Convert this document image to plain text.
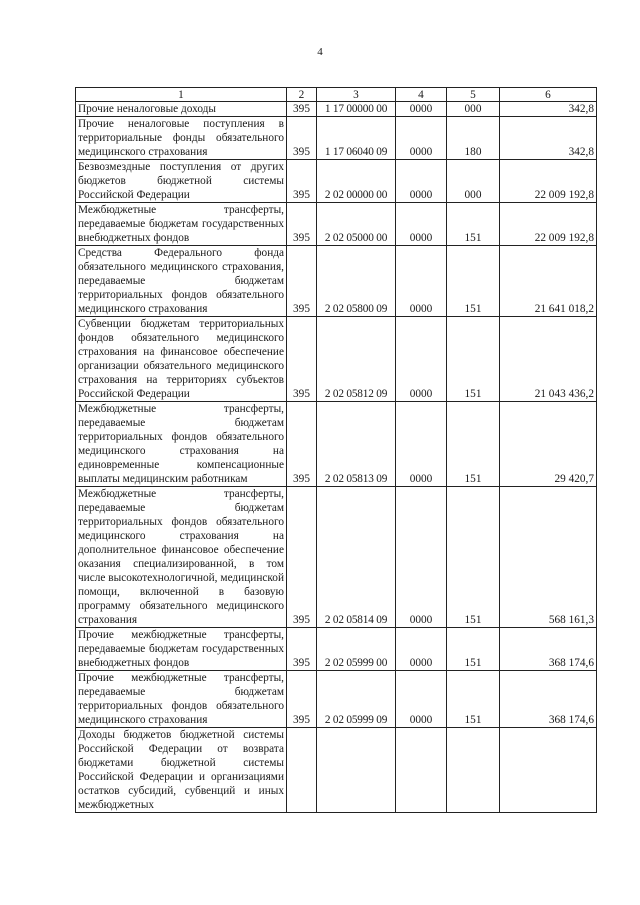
4
1	2	3	4	5	6
Прочие неналоговые доходы	395	1 17 00000 00	0000	000	342,8
Прочие неналоговые поступления в территориальные фонды обязательного медицинского страхования	395	1 17 06040 09	0000	180	342,8
Безвозмездные поступления от других бюджетов бюджетной системы Российской Федерации	395	2 02 00000 00	0000	000	22 009 192,8
Межбюджетные трансферты, передаваемые бюджетам государственных внебюджетных фондов	395	2 02 05000 00	0000	151	22 009 192,8
Средства Федерального фонда обязательного медицинского страхования, передаваемые бюджетам территориальных фондов обязательного медицинского страхования	395	2 02 05800 09	0000	151	21 641 018,2
Субвенции бюджетам территориальных фондов обязательного медицинского страхования на финансовое обеспечение организации обязательного медицинского страхования на территориях субъектов Российской Федерации	395	2 02 05812 09	0000	151	21 043 436,2
Межбюджетные трансферты, передаваемые бюджетам территориальных фондов обязательного медицинского страхования на единовременные компенсационные выплаты медицинским работникам	395	2 02 05813 09	0000	151	29 420,7
Межбюджетные трансферты, передаваемые бюджетам территориальных фондов обязательного медицинского страхования на дополнительное финансовое обеспечение оказания специализированной, в том числе высокотехнологичной, медицинской помощи, включенной в базовую программу обязательного медицинского страхования	395	2 02 05814 09	0000	151	568 161,3
Прочие межбюджетные трансферты, передаваемые бюджетам государственных внебюджетных фондов	395	2 02 05999 00	0000	151	368 174,6
Прочие межбюджетные трансферты, передаваемые бюджетам территориальных фондов обязательного медицинского страхования	395	2 02 05999 09	0000	151	368 174,6
Доходы бюджетов бюджетной системы Российской Федерации от возврата бюджетами бюджетной системы Российской Федерации и организациями остатков субсидий, субвенций и иных межбюджетных					
